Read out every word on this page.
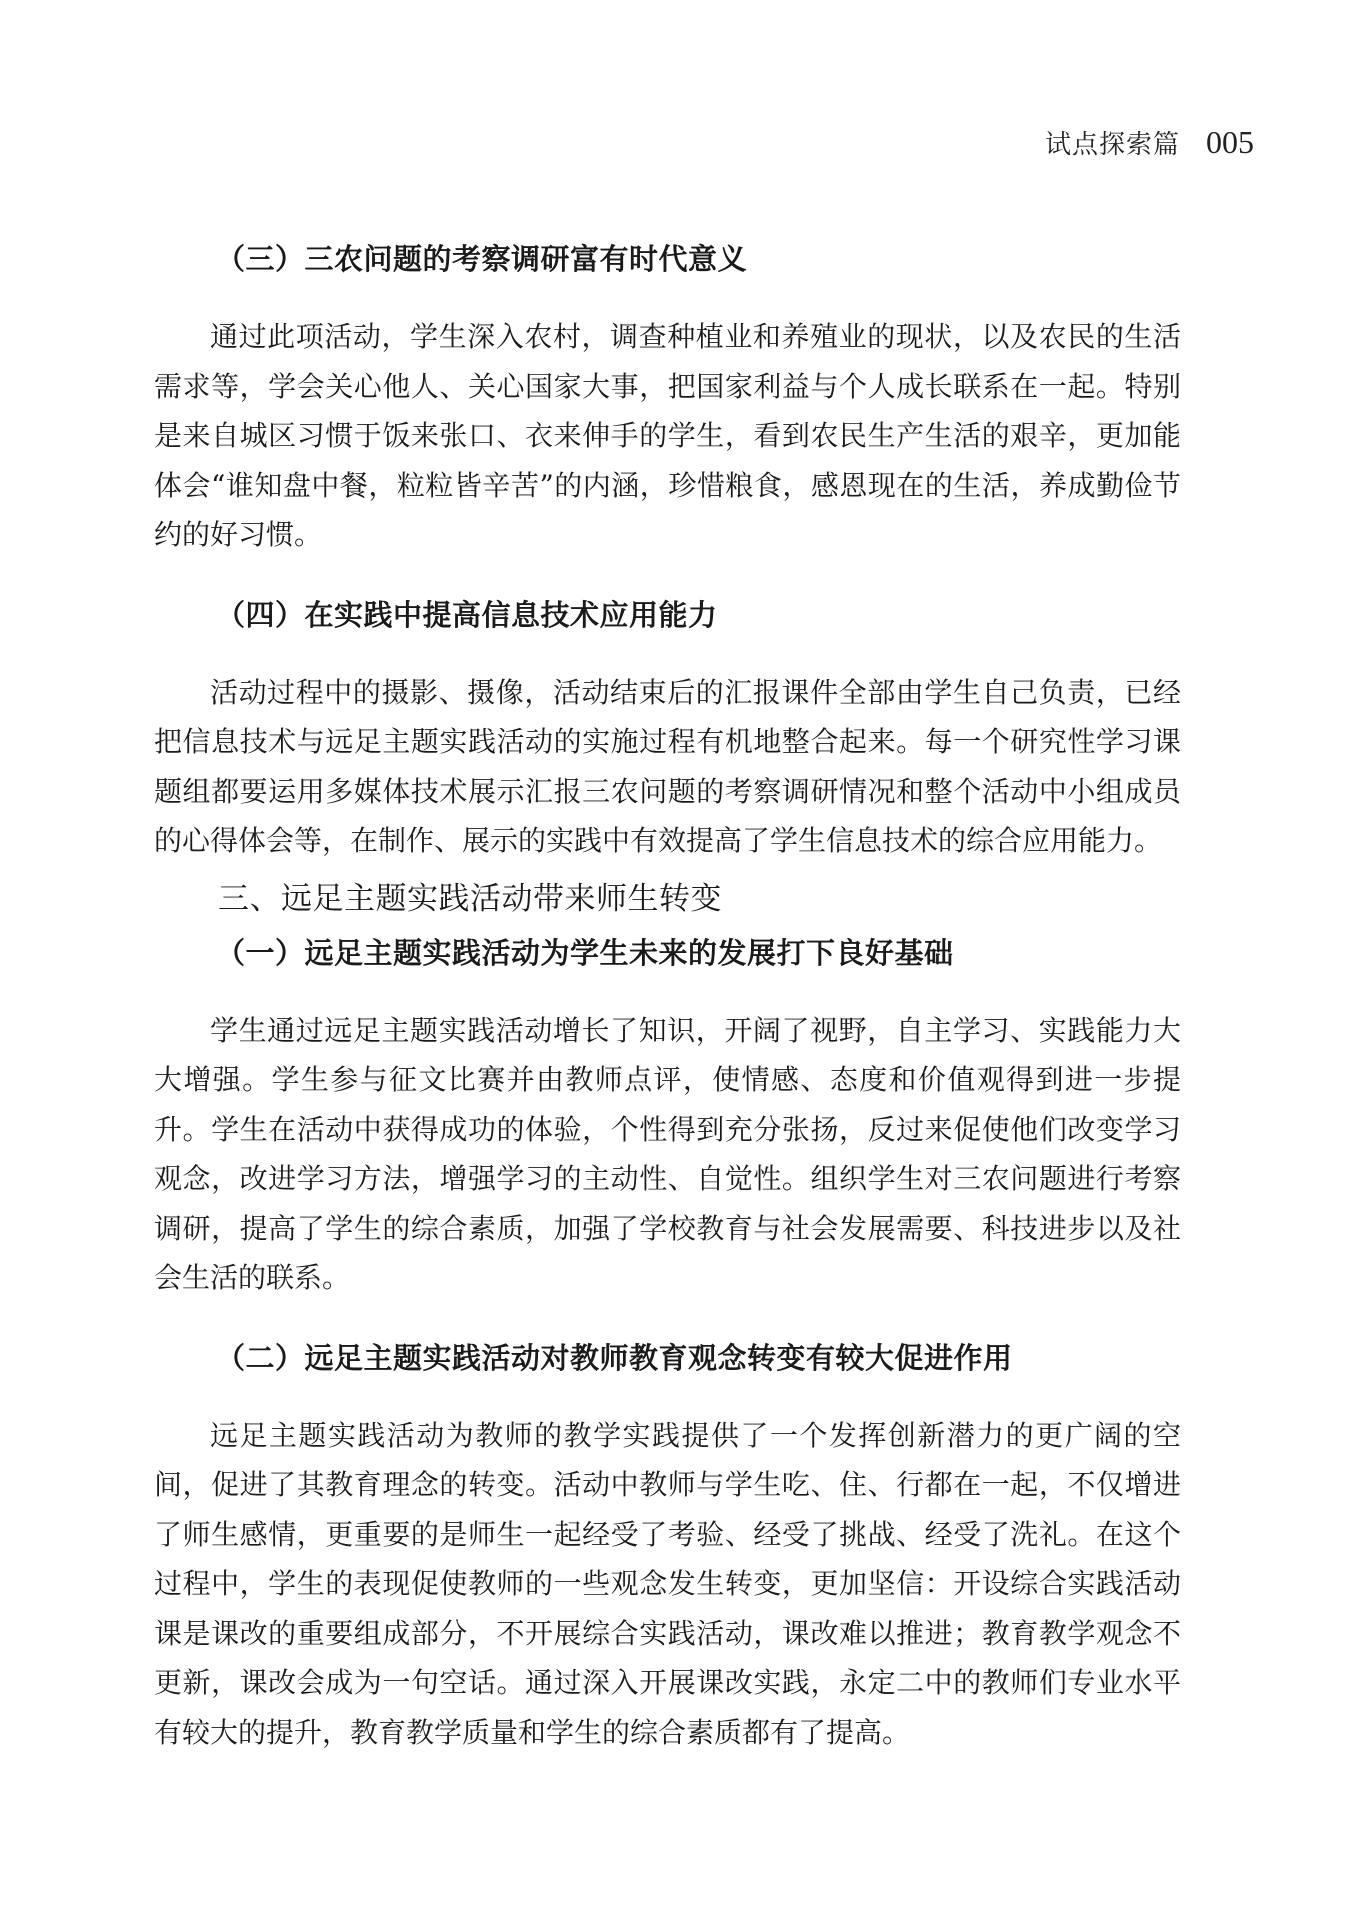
试点探索篇 005
（三）三农问题的考察调研富有时代意义

通过此项活动，学生深入农村，调查种植业和养殖业的现状，以及农民的生活需求等，学会关心他人、关心国家大事，把国家利益与个人成长联系在一起。特别是来自城区习惯于饭来张口、衣来伸手的学生，看到农民生产生活的艰辛，更加能体会“谁知盘中餐，粒粒皆辛苦”的内涵，珍惜粮食，感恩现在的生活，养成勤俭节约的好习惯。

（四）在实践中提高信息技术应用能力

活动过程中的摄影、摄像，活动结束后的汇报课件全部由学生自己负责，已经把信息技术与远足主题实践活动的实施过程有机地整合起来。每一个研究性学习课题组都要运用多媒体技术展示汇报三农问题的考察调研情况和整个活动中小组成员的心得体会等，在制作、展示的实践中有效提高了学生信息技术的综合应用能力。

三、远足主题实践活动带来师生转变
（一）远足主题实践活动为学生未来的发展打下良好基础

学生通过远足主题实践活动增长了知识，开阔了视野，自主学习、实践能力大大增强。学生参与征文比赛并由教师点评，使情感、态度和价值观得到进一步提升。学生在活动中获得成功的体验，个性得到充分张扬，反过来促使他们改变学习观念，改进学习方法，增强学习的主动性、自觉性。组织学生对三农问题进行考察调研，提高了学生的综合素质，加强了学校教育与社会发展需要、科技进步以及社会生活的联系。

（二）远足主题实践活动对教师教育观念转变有较大促进作用

远足主题实践活动为教师的教学实践提供了一个发挥创新潜力的更广阔的空间，促进了其教育理念的转变。活动中教师与学生吃、住、行都在一起，不仅增进了师生感情，更重要的是师生一起经受了考验、经受了挑战、经受了洗礼。在这个过程中，学生的表现促使教师的一些观念发生转变，更加坚信：开设综合实践活动课是课改的重要组成部分，不开展综合实践活动，课改难以推进；教育教学观念不更新，课改会成为一句空话。通过深入开展课改实践，永定二中的教师们专业水平有较大的提升，教育教学质量和学生的综合素质都有了提高。
